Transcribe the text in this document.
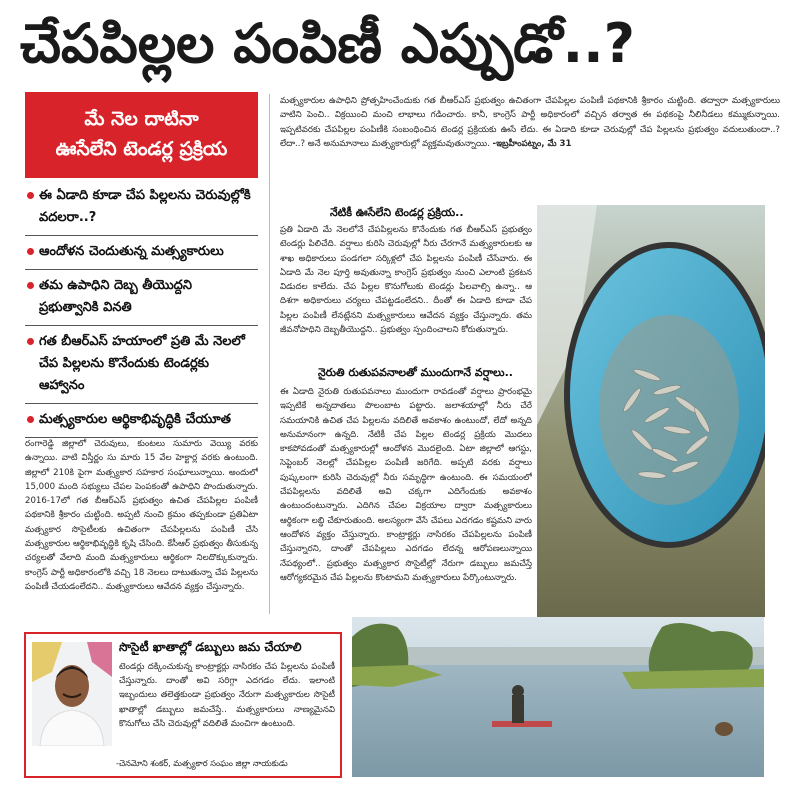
చేపపిల్లల పంపిణీ ఎప్పుడో..?
మే నెల దాటినా
ఊసేలేని టెండర్ల ప్రక్రియ
ఈ ఏడాది కూడా చేప పిల్లలను చెరువుల్లోకి వదలరా..?
ఆందోళన చెందుతున్న మత్స్యకారులు
తమ ఉపాధిని దెబ్బ తీయొద్దని ప్రభుత్వానికి వినతి
గత బీఆర్ఎస్ హయాంలో ప్రతి మే నెలలో చేప పిల్లలను కొనేందుకు టెండర్లకు ఆహ్వానం
మత్స్యకారుల ఆర్థికాభివృద్ధికి చేయూత
మత్స్యకారుల ఉపాధిని ప్రోత్సహించేందుకు గత బీఆర్ఎస్ ప్రభుత్వం ఉచితంగా చేపపిల్లల పంపిణీ పథకానికి శ్రీకారం చుట్టింది. తద్వారా మత్స్యకారులు వాటిని పెంచి.. విక్రయించి మంచి లాభాలు గడించారు. కానీ, కాంగ్రెస్ పార్టీ అధికారంలో వచ్చిన తర్వాత ఈ పథకంపై నీలినీడలు కమ్ముకున్నాయి. ఇప్పటివరకు చేపపిల్లల పంపిణీకి సంబంధించిన టెండర్ల ప్రక్రియకు ఊసే లేదు. ఈ ఏడాది కూడా చెరువుల్లో చేప పిల్లలను ప్రభుత్వం వదులుతుందా..? లేదా..? అనే అనుమానాలు మత్స్యకారుల్లో వ్యక్తమవుతున్నాయి. -ఇబ్రహీంపట్నం, మే 31
రంగారెడ్డి జిల్లాలో చెరువులు, కుంటలు సుమారు వెయ్యి వరకు ఉన్నాయి. వాటి విస్తీర్ణం సు మారు 15 వేల హెక్టార్ల వరకు ఉంటుంది. జిల్లాలో 210కి పైగా మత్స్యకార సహకార సంఘాలున్నాయి. అందులో 15,000 మంది సభ్యులు చేపల పెంపకంతో ఉపాధిని పొందుతున్నారు. 2016-17లో గత బీఆర్ఎస్ ప్రభుత్వం ఉచిత చేపపిల్లల పంపిణీ పథకానికి శ్రీకారం చుట్టింది. అప్పటి నుంచి క్రమం తప్పకుండా ప్రతిఏటా మత్స్యకార సొసైటీలకు ఉచితంగా చేపపిల్లలను పంపిణీ చేసి మత్స్యకారుల ఆర్థికాభివృద్ధికి కృషి చేసింది. కేసీఆర్ ప్రభుత్వం తీసుకున్న చర్యలతో వేలాది మంది మత్స్యకారులు ఆర్థికంగా నిలదొక్కుకున్నారు. కాంగ్రెస్ పార్టీ అధికారంలోకి వచ్చి 18 నెలలు దాటుతున్నా చేప పిల్లలను పంపిణీ చేయడంలేదని.. మత్స్యకారులు ఆవేదన వ్యక్తం చేస్తున్నారు.
నేటికీ ఊసేలేని టెండర్ల ప్రక్రియ..
ప్రతి ఏడాది మే నెలలోనే చేపపిల్లలను కొనేందుకు గత బీఆర్ఎస్ ప్రభుత్వం టెండర్లు పిలిచేది. వర్షాలు కురిసి చెరువుల్లో నీరు చేరగానే మత్స్యకారులకు ఆ శాఖ అధికారులు పండగలా సర్కిళ్లలో చేప పిల్లలను పంపిణీ చేసేవారు. ఈ ఏడాది మే నెల పూర్తి అవుతున్నా కాంగ్రెస్ ప్రభుత్వం నుంచి ఎలాంటి ప్రకటన విడుదల కాలేదు. చేప పిల్లల కొనుగోలుకు టెండర్లు పిలవాల్సి ఉన్నా.. ఆ దిశగా అధికారులు చర్యలు చేపట్టడంలేదని.. దీంతో ఈ ఏడాది కూడా చేప పిల్లల పంపిణీ లేనట్లేనని మత్స్యకారులు ఆవేదన వ్యక్తం చేస్తున్నారు. తమ జీవనోపాధిని దెబ్బతీయొద్దని.. ప్రభుత్వం స్పందించాలని కోరుతున్నారు.
నైరుతి రుతుపవనాలతో ముందుగానే వర్షాలు..
ఈ ఏడాది నైరుతి రుతుపవనాలు ముందుగా రావడంతో వర్షాలు ప్రారంభమై ఇప్పటికే అన్నదాతలు పొలంబాట పట్టారు. జలాశయాల్లో నీరు చేరే సమయానికి ఉచిత చేప పిల్లలను వదిలితే అవకాశం ఉంటుందో, లేదో అన్నది అనుమానంగా ఉన్నది. నేటికీ చేప పిల్లల టెండర్ల ప్రక్రియ మొదలు కాకపోవడంతో మత్స్యకారుల్లో ఆందోళన మొదలైంది. ఏటా జిల్లాలో ఆగస్టు, సెప్టెంబర్ నెలల్లో చేపపిల్లల పంపిణీ జరిగేది. అప్పటి వరకు వర్షాలు పుష్కలంగా కురిసి చెరువుల్లో నీరు సమృద్ధిగా ఉంటుంది. ఈ సమయంలో చేపపిల్లలను వదిలితే అవి చక్కగా ఎదిగేందుకు అవకాశం ఉంటుందంటున్నారు. ఎదిగిన చేపల విక్రయాల ద్వారా మత్స్యకారులు ఆర్థికంగా లబ్ధి చేకూరుతుంది. అలస్యంగా వేసే చేపలు ఎదగడం కష్టమని వారు ఆందోళన వ్యక్తం చేస్తున్నారు. కాంట్రాక్టర్లు నాసిరకం చేపపిల్లలను పంపిణీ చేస్తున్నారని, దాంతో చేపపిల్లలు ఎదగడం లేదన్న ఆరోపణలున్నాయి నేపథ్యంలో.. ప్రభుత్వం మత్స్యకార సొసైటీల్లో నేరుగా డబ్బులు జమచేస్తే ఆరోగ్యకరమైన చేప పిల్లలను కొంటామని మత్స్యకారులు పేర్కొంటున్నారు.
సొసైటీ ఖాతాల్లో డబ్బులు జమ చేయాలి
టెండర్లు దక్కించుకున్న కాంట్రాక్టర్లు నాసిరకం చేప పిల్లలను పంపిణీ చేస్తున్నారు. దాంతో అవి సరిగ్గా ఎదగడం లేదు. ఇలాంటి ఇబ్బందులు తలెత్తకుండా ప్రభుత్వం నేరుగా మత్స్యకారుల సొసైటీ ఖాతాల్లో డబ్బులు జమచేస్తే.. మత్స్యకారులు నాణ్యమైనవి కొనుగోలు చేసి చెరువుల్లో వదిలితే మంచిగా ఉంటుంది.
-చెనమోని శంకర్, మత్స్యకార సంఘం జిల్లా నాయకుడు
